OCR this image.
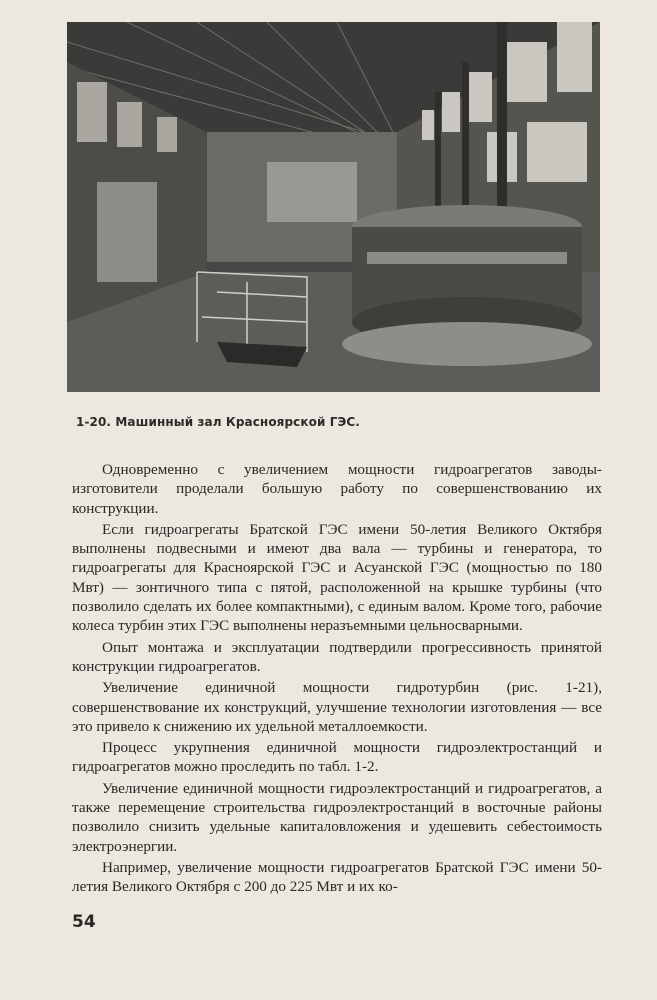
1-20. Машинный зал Красноярской ГЭС.

Одновременно с увеличением мощности гидроагрегатов заводы-изготовители проделали большую работу по совершенствованию их конструкции.

Если гидроагрегаты Братской ГЭС имени 50-летия Великого Октября выполнены подвесными и имеют два вала — турбины и генератора, то гидроагрегаты для Красноярской ГЭС и Асуанской ГЭС (мощностью по 180 Мвт) — зонтичного типа с пятой, расположенной на крышке турбины (что позволило сделать их более компактными), с единым валом. Кроме того, рабочие колеса турбин этих ГЭС выполнены неразъемными цельносварными.

Опыт монтажа и эксплуатации подтвердили прогрессивность принятой конструкции гидроагрегатов.

Увеличение единичной мощности гидротурбин (рис. 1-21), совершенствование их конструкций, улучшение технологии изготовления — все это привело к снижению их удельной металлоемкости.

Процесс укрупнения единичной мощности гидроэлектростанций и гидроагрегатов можно проследить по табл. 1-2.

Увеличение единичной мощности гидроэлектростанций и гидроагрегатов, а также перемещение строительства гидроэлектростанций в восточные районы позволило снизить удельные капиталовложения и удешевить себестоимость электроэнергии.

Например, увеличение мощности гидроагрегатов Братской ГЭС имени 50-летия Великого Октября с 200 до 225 Мвт и их ко-

54
